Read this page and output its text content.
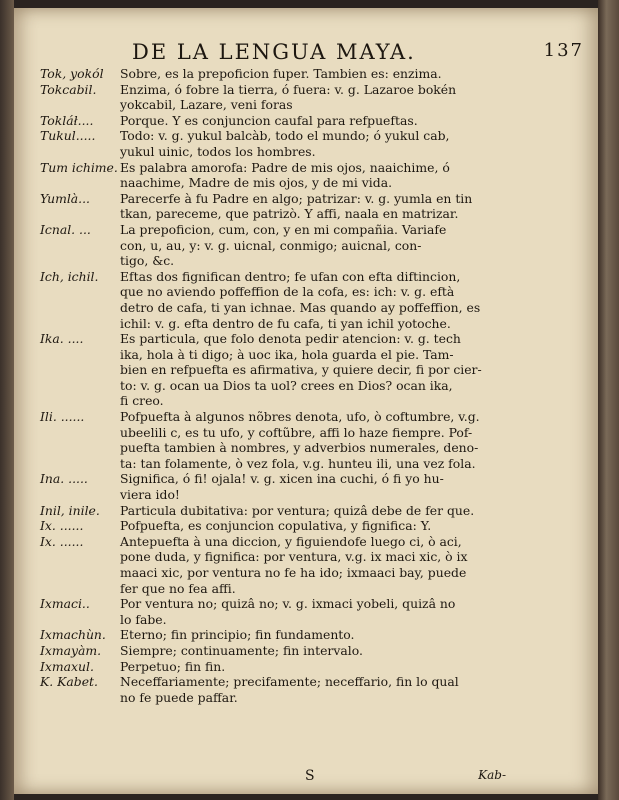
DE LA LENGUA MAYA.	137
Tok, yokól Sobre, es la prepoficion fuper. Tambien es: enzima.
Tokcabil. Enzima, ó fobre la tierra, ó fuera: v. g. Lazaroe bokén
yokcabil, Lazare, veni foras
Tokláł.... Porque. Y es conjuncion caufal para refpueftas.
Tukul..... Todo: v. g. yukul balcàb, todo el mundo; ó yukul cab,
yukul uinic, todos los hombres.
Tum ichime. Es palabra amorofa: Padre de mis ojos, naaichime, ó
naachime, Madre de mis ojos, y de mi vida.
Yumlà... Parecerfe à fu Padre en algo; patrizar: v. g. yumla en tin
tkan, pareceme, que patrizò. Y affi, naala en matrizar.
Icnal. ... La prepoficion, cum, con, y en mi compañia. Variafe
con, u, au, y: v. g. uicnal, conmigo; auicnal, con-
tigo, &c.
Ich, ichil. Eftas dos fignifican dentro; fe ufan con efta diftincion,
que no aviendo poffeffion de la cofa, es: ich: v. g. eftà
detro de cafa, ti yan ichnae. Mas quando ay poffeffion, es
ichil: v. g. efta dentro de fu cafa, ti yan ichil yotoche.
Ika. ....	Es particula, que folo denota pedir atencion: v. g. tech
ika, hola à ti digo; à uoc ika, hola guarda el pie. Tam-
bien en refpuefta es afirmativa, y quiere decir, fi por cier-
to: v. g. ocan ua Dios ta uol? crees en Dios? ocan ika,
fi creo.
Ili. ......	Pofpuefta à algunos nõbres denota, ufo, ò coftumbre, v.g.
ubeelili c, es tu ufo, y coftũbre, affi lo haze fiempre. Pof-
puefta tambien à nombres, y adverbios numerales, deno-
ta: tan folamente, ò vez fola, v.g. hunteu ili, una vez fola.
Ina. .....	Significa, ó fi! ojala! v. g. xicen ina cuchi, ó fi yo hu-
viera ido!
Inil, inile. Particula dubitativa: por ventura; quizâ debe de fer que.
Ix. ......	Pofpuefta, es conjuncion copulativa, y fignifica: Y.
Ix. ......	Antepuefta à una diccion, y figuiendofe luego ci, ò aci,
pone duda, y fignifica: por ventura, v.g. ix maci xic, ò ix
maaci xic, por ventura no fe ha ido; ixmaaci bay, puede
fer que no fea affi.
Ixmaci.. Por ventura no; quizâ no; v. g. ixmaci yobeli, quizâ no
lo fabe.
Ixmachùn. Eterno; fin principio; fin fundamento.
Ixmayàm. Siempre; continuamente; fin intervalo.
Ixmaxul. Perpetuo; fin fin.
K. Kabet. Neceffariamente; precifamente; neceffario, fin lo qual
no fe puede paffar.
S	Kab-
